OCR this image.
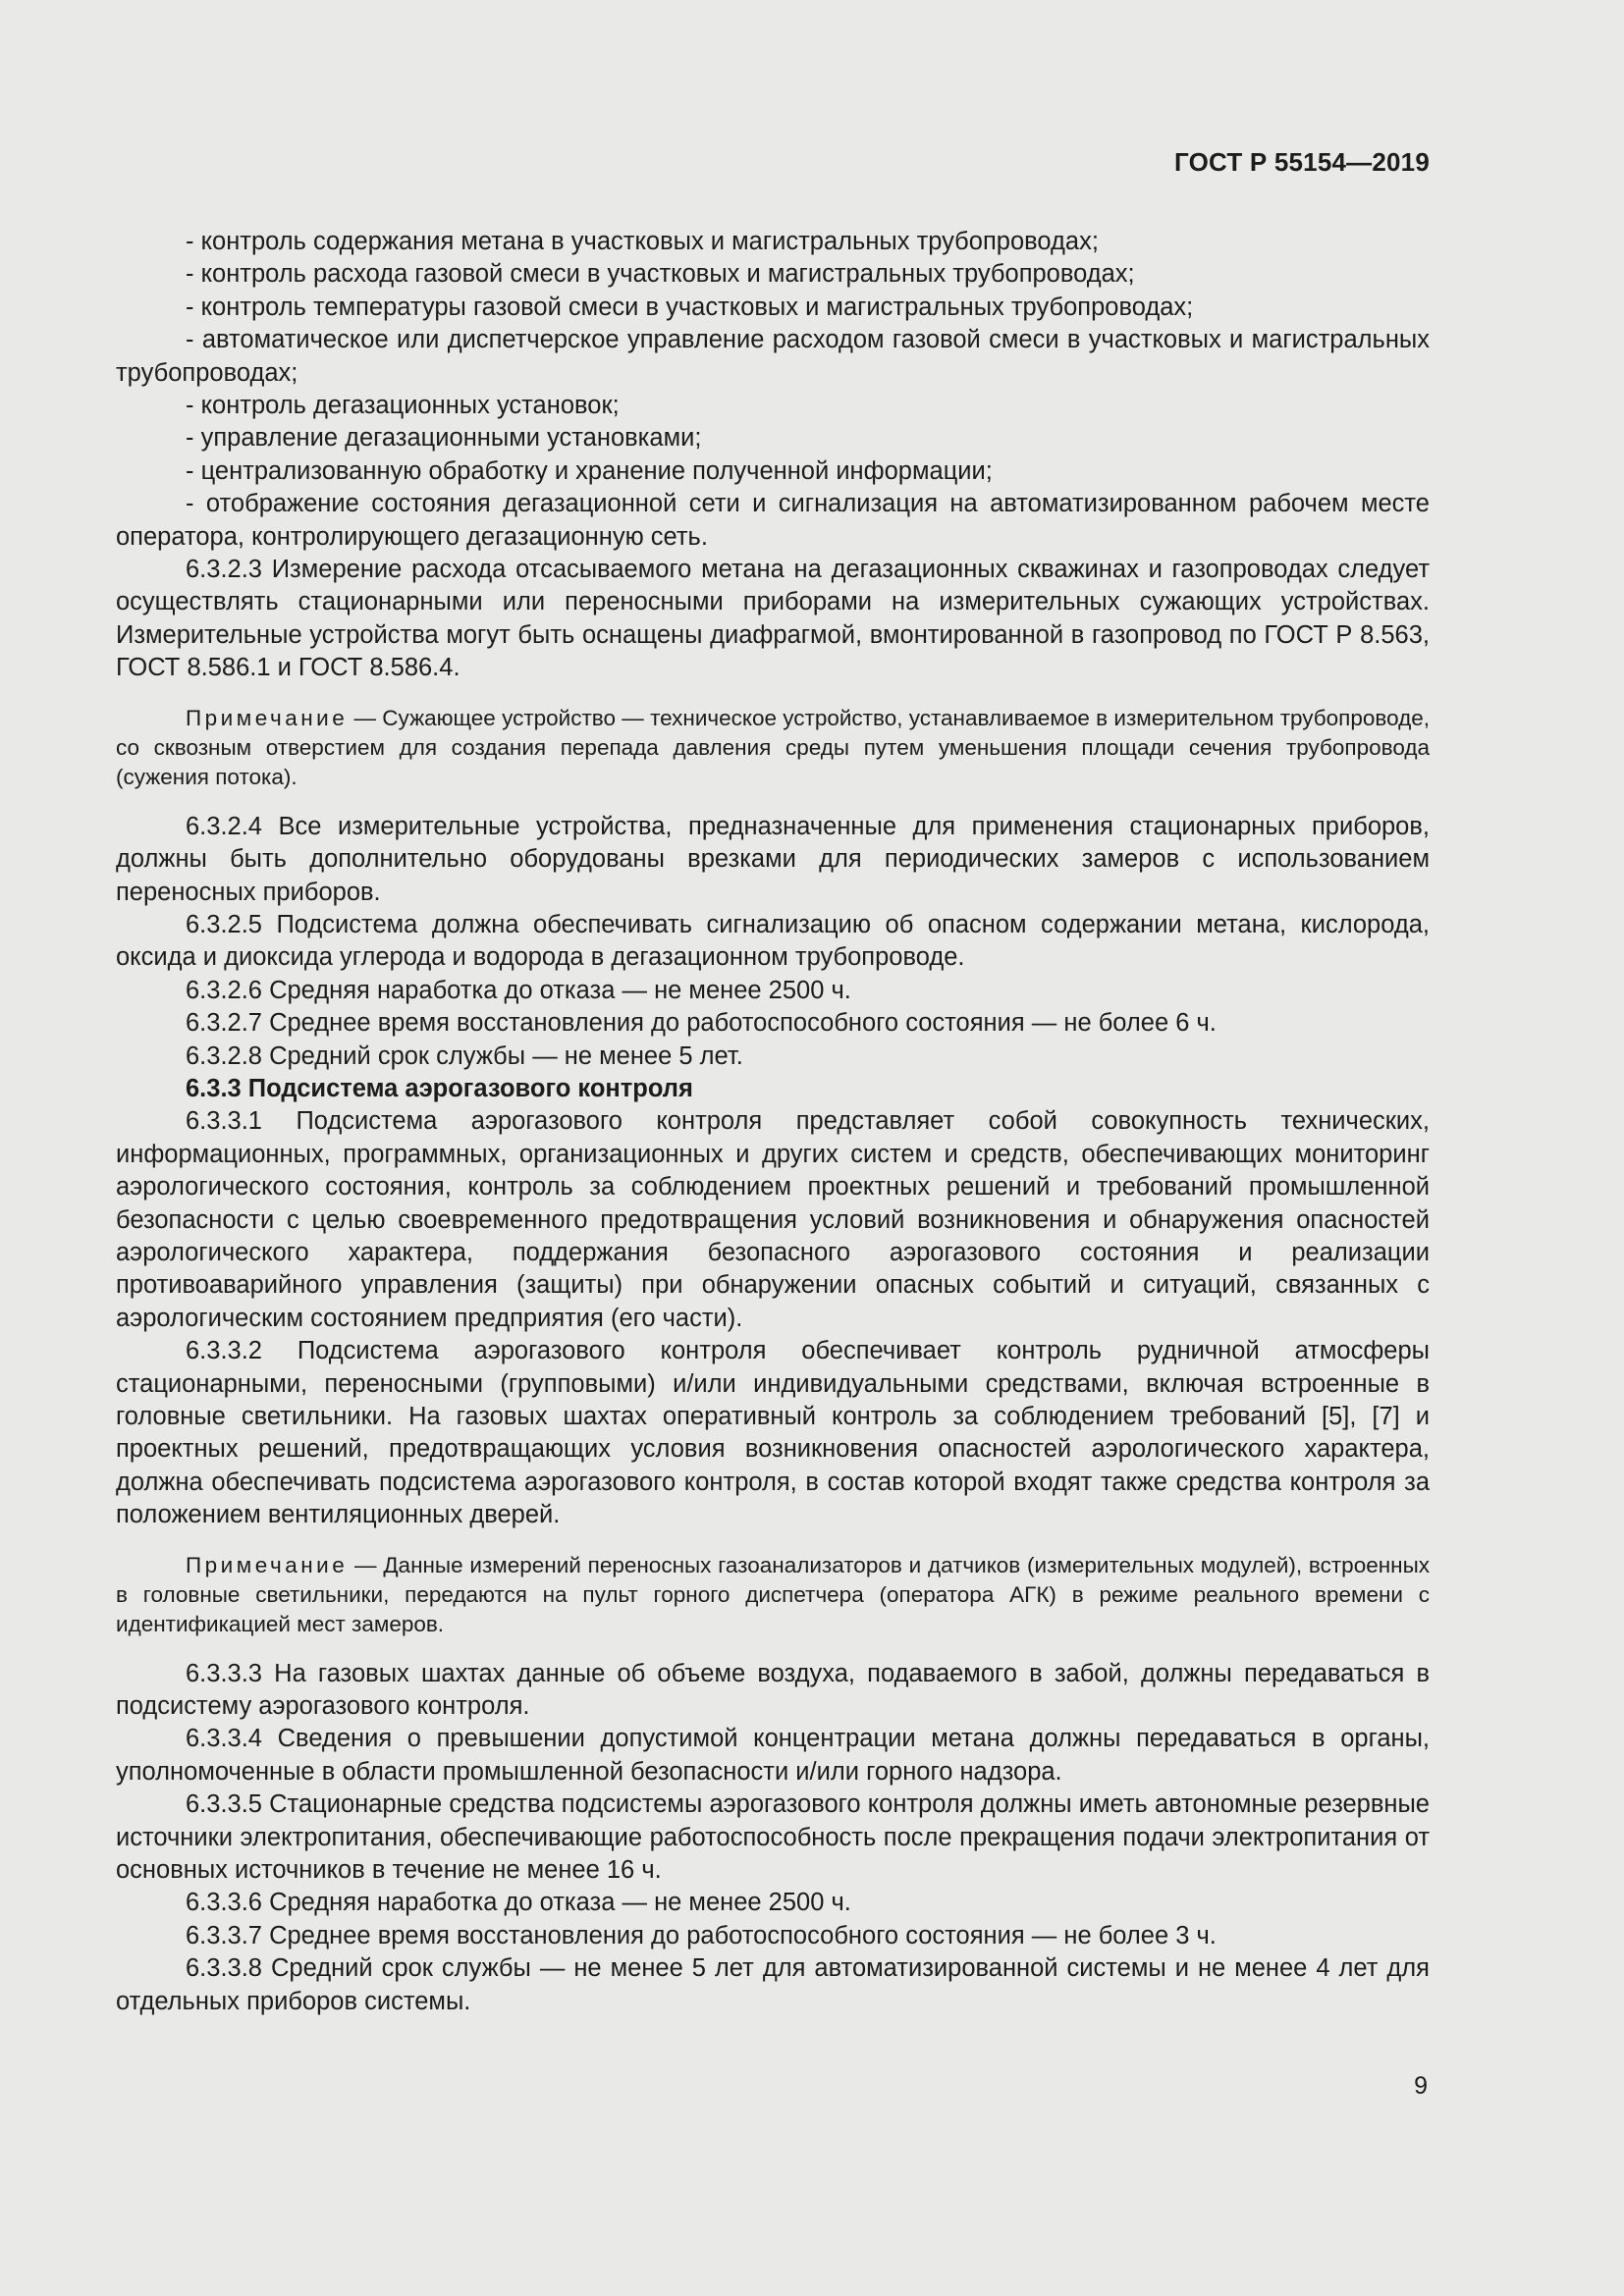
ГОСТ Р 55154—2019

- контроль содержания метана в участковых и магистральных трубопроводах;

- контроль расхода газовой смеси в участковых и магистральных трубопроводах;

- контроль температуры газовой смеси в участковых и магистральных трубопроводах;

- автоматическое или диспетчерское управление расходом газовой смеси в участковых и магистральных трубопроводах;

- контроль дегазационных установок;

- управление дегазационными установками;

- централизованную обработку и хранение полученной информации;

- отображение состояния дегазационной сети и сигнализация на автоматизированном рабочем месте оператора, контролирующего дегазационную сеть.

6.3.2.3 Измерение расхода отсасываемого метана на дегазационных скважинах и газопроводах следует осуществлять стационарными или переносными приборами на измерительных сужающих устройствах. Измерительные устройства могут быть оснащены диафрагмой, вмонтированной в газопровод по ГОСТ Р 8.563, ГОСТ 8.586.1 и ГОСТ 8.586.4.

Примечание — Сужающее устройство — техническое устройство, устанавливаемое в измерительном трубопроводе, со сквозным отверстием для создания перепада давления среды путем уменьшения площади сечения трубопровода (сужения потока).

6.3.2.4 Все измерительные устройства, предназначенные для применения стационарных приборов, должны быть дополнительно оборудованы врезками для периодических замеров с использованием переносных приборов.

6.3.2.5 Подсистема должна обеспечивать сигнализацию об опасном содержании метана, кислорода, оксида и диоксида углерода и водорода в дегазационном трубопроводе.

6.3.2.6 Средняя наработка до отказа — не менее 2500 ч.

6.3.2.7 Среднее время восстановления до работоспособного состояния — не более 6 ч.

6.3.2.8 Средний срок службы — не менее 5 лет.

6.3.3 Подсистема аэрогазового контроля

6.3.3.1 Подсистема аэрогазового контроля представляет собой совокупность технических, информационных, программных, организационных и других систем и средств, обеспечивающих мониторинг аэрологического состояния, контроль за соблюдением проектных решений и требований промышленной безопасности с целью своевременного предотвращения условий возникновения и обнаружения опасностей аэрологического характера, поддержания безопасного аэрогазового состояния и реализации противоаварийного управления (защиты) при обнаружении опасных событий и ситуаций, связанных с аэрологическим состоянием предприятия (его части).

6.3.3.2 Подсистема аэрогазового контроля обеспечивает контроль рудничной атмосферы стационарными, переносными (групповыми) и/или индивидуальными средствами, включая встроенные в головные светильники. На газовых шахтах оперативный контроль за соблюдением требований [5], [7] и проектных решений, предотвращающих условия возникновения опасностей аэрологического характера, должна обеспечивать подсистема аэрогазового контроля, в состав которой входят также средства контроля за положением вентиляционных дверей.

Примечание — Данные измерений переносных газоанализаторов и датчиков (измерительных модулей), встроенных в головные светильники, передаются на пульт горного диспетчера (оператора АГК) в режиме реального времени с идентификацией мест замеров.

6.3.3.3 На газовых шахтах данные об объеме воздуха, подаваемого в забой, должны передаваться в подсистему аэрогазового контроля.

6.3.3.4 Сведения о превышении допустимой концентрации метана должны передаваться в органы, уполномоченные в области промышленной безопасности и/или горного надзора.

6.3.3.5 Стационарные средства подсистемы аэрогазового контроля должны иметь автономные резервные источники электропитания, обеспечивающие работоспособность после прекращения подачи электропитания от основных источников в течение не менее 16 ч.

6.3.3.6 Средняя наработка до отказа — не менее 2500 ч.

6.3.3.7 Среднее время восстановления до работоспособного состояния — не более 3 ч.

6.3.3.8 Средний срок службы — не менее 5 лет для автоматизированной системы и не менее 4 лет для отдельных приборов системы.

9
